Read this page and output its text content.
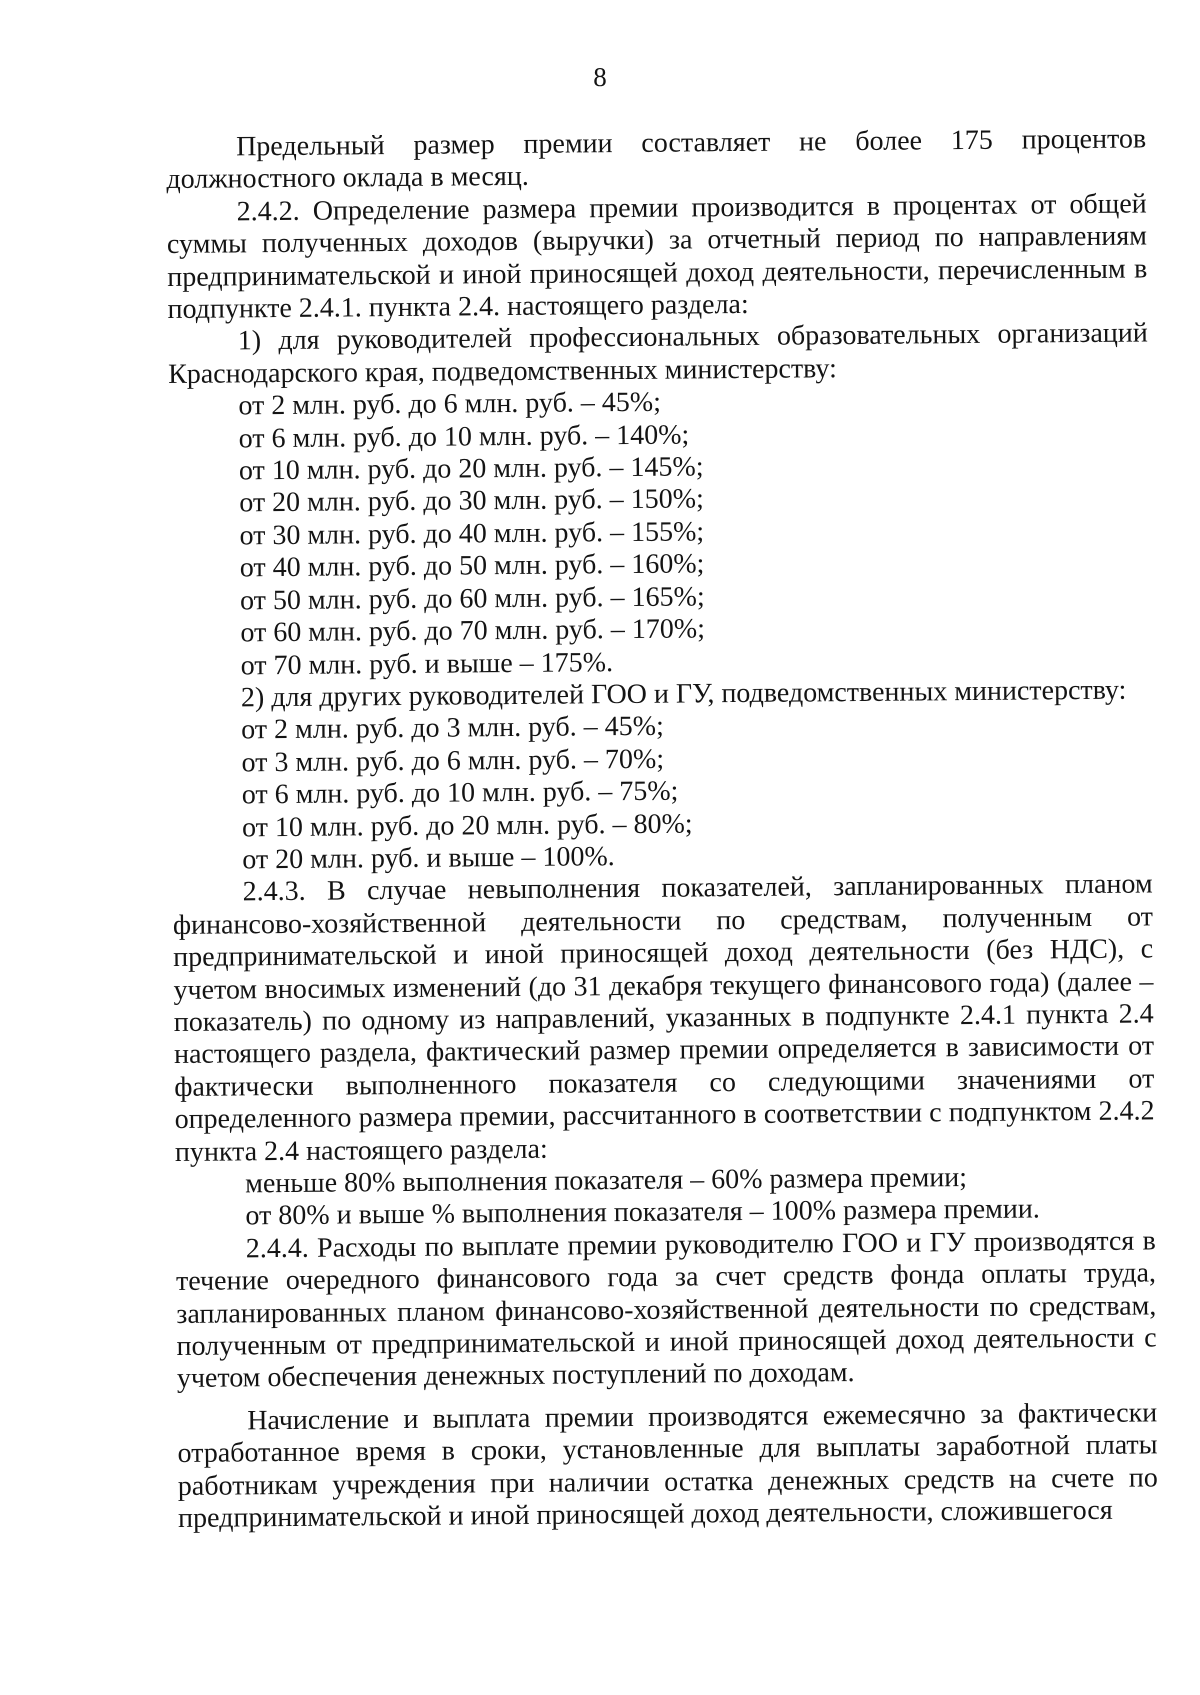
8

Предельный размер премии составляет не более 175 процентов должностного оклада в месяц.

2.4.2. Определение размера премии производится в процентах от общей суммы полученных доходов (выручки) за отчетный период по направлениям предпринимательской и иной приносящей доход деятельности, перечисленным в подпункте 2.4.1. пункта 2.4. настоящего раздела:

1) для руководителей профессиональных образовательных организаций Краснодарского края, подведомственных министерству:

от 2 млн. руб. до 6 млн. руб. – 45%;
от 6 млн. руб. до 10 млн. руб. – 140%;
от 10 млн. руб. до 20 млн. руб. – 145%;
от 20 млн. руб. до 30 млн. руб. – 150%;
от 30 млн. руб. до 40 млн. руб. – 155%;
от 40 млн. руб. до 50 млн. руб. – 160%;
от 50 млн. руб. до 60 млн. руб. – 165%;
от 60 млн. руб. до 70 млн. руб. – 170%;
от 70 млн. руб. и выше – 175%.

2) для других руководителей ГОО и ГУ, подведомственных министерству:

от 2 млн. руб. до 3 млн. руб. – 45%;
от 3 млн. руб. до 6 млн. руб. – 70%;
от 6 млн. руб. до 10 млн. руб. – 75%;
от 10 млн. руб. до 20 млн. руб. – 80%;
от 20 млн. руб. и выше – 100%.

2.4.3. В случае невыполнения показателей, запланированных планом финансово-хозяйственной деятельности по средствам, полученным от предпринимательской и иной приносящей доход деятельности (без НДС), с учетом вносимых изменений (до 31 декабря текущего финансового года) (далее – показатель) по одному из направлений, указанных в подпункте 2.4.1 пункта 2.4 настоящего раздела, фактический размер премии определяется в зависимости от фактически выполненного показателя со следующими значениями от определенного размера премии, рассчитанного в соответствии с подпунктом 2.4.2 пункта 2.4 настоящего раздела:

меньше 80% выполнения показателя – 60% размера премии;
от 80% и выше % выполнения показателя – 100% размера премии.

2.4.4. Расходы по выплате премии руководителю ГОО и ГУ производятся в течение очередного финансового года за счет средств фонда оплаты труда, запланированных планом финансово-хозяйственной деятельности по средствам, полученным от предпринимательской и иной приносящей доход деятельности с учетом обеспечения денежных поступлений по доходам.

Начисление и выплата премии производятся ежемесячно за фактически отработанное время в сроки, установленные для выплаты заработной платы работникам учреждения при наличии остатка денежных средств на счете по предпринимательской и иной приносящей доход деятельности, сложившегося
